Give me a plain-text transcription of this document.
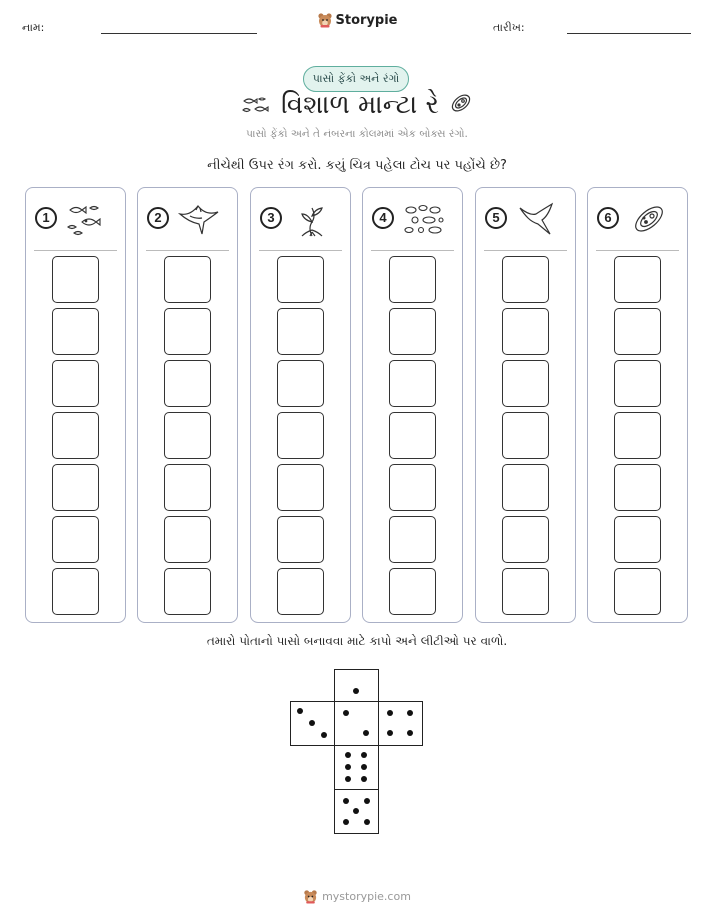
નામ:	Storypie	તારીખ:
પાસો ફેંકો અને રંગો
વિશાળ માન્ટા રે
પાસો ફેંકો અને તે નંબરના કોલમમાં એક બોક્સ રંગો.
નીચેથી ઉપર રંગ કરો. કયું ચિત્ર પહેલા ટોચ પર પહોંચે છે?
1	2	3	4	5	6
તમારો પોતાનો પાસો બનાવવા માટે કાપો અને લીટીઓ પર વાળો.
mystorypie.com
